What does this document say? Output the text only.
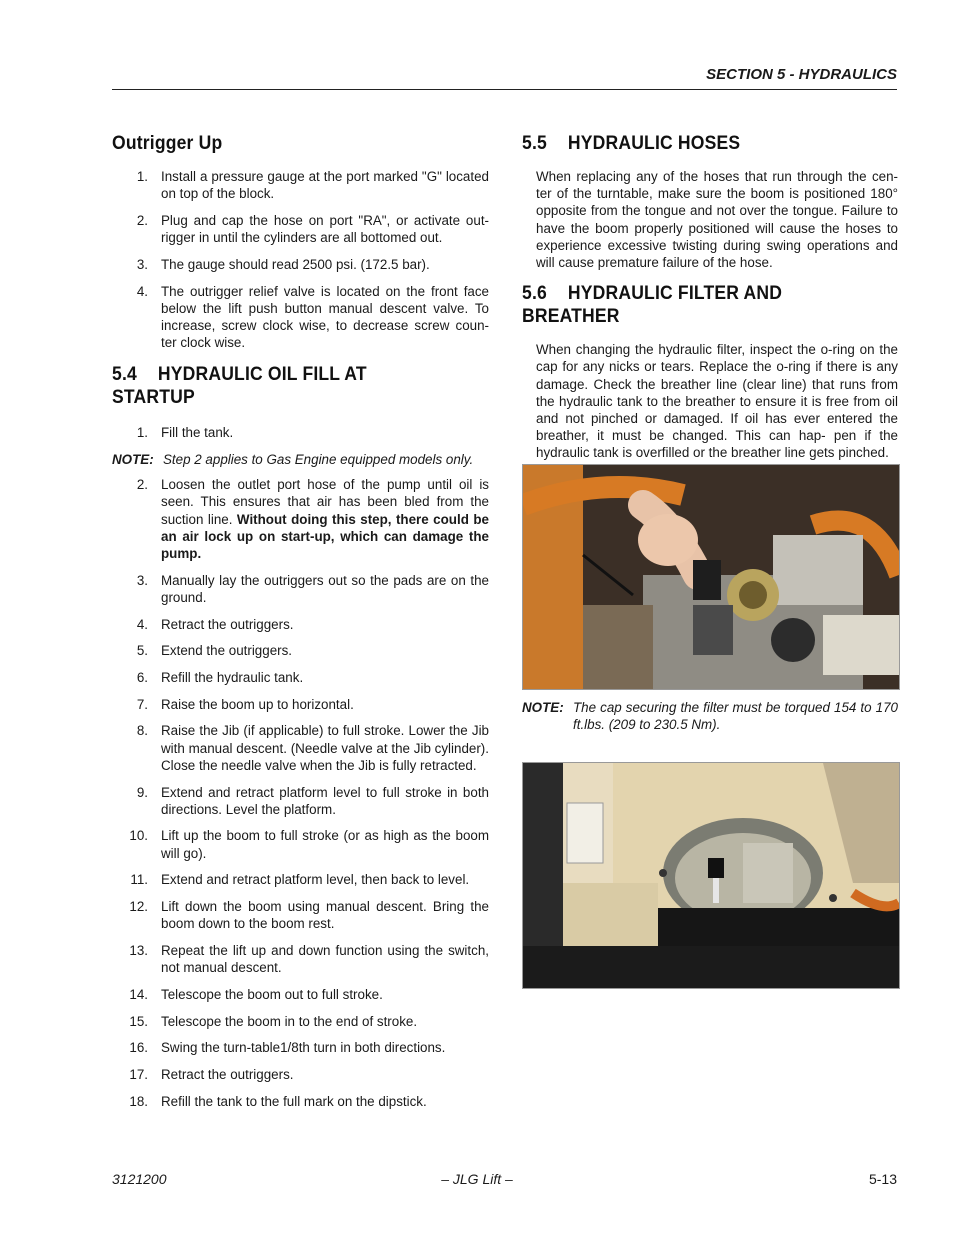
SECTION 5 - HYDRAULICS
Outrigger Up
1. Install a pressure gauge at the port marked "G" located on top of the block.
2. Plug and cap the hose on port "RA", or activate out- rigger in until the cylinders are all bottomed out.
3. The gauge should read 2500 psi. (172.5 bar).
4. The outrigger relief valve is located on the front face below the lift push button manual descent valve. To increase, screw clock wise, to decrease screw coun- ter clock wise.
5.4 HYDRAULIC OIL FILL AT STARTUP
1. Fill the tank.

NOTE: Step 2 applies to Gas Engine equipped models only.

2. Loosen the outlet port hose of the pump until oil is seen. This ensures that air has been bled from the suction line. Without doing this step, there could be an air lock up on start-up, which can damage the pump.
3. Manually lay the outriggers out so the pads are on the ground.
4. Retract the outriggers.
5. Extend the outriggers.
6. Refill the hydraulic tank.
7. Raise the boom up to horizontal.
8. Raise the Jib (if applicable) to full stroke. Lower the Jib with manual descent. (Needle valve at the Jib cylinder). Close the needle valve when the Jib is fully retracted.
9. Extend and retract platform level to full stroke in both directions. Level the platform.
10. Lift up the boom to full stroke (or as high as the boom will go).
11. Extend and retract platform level, then back to level.
12. Lift down the boom using manual descent. Bring the boom down to the boom rest.
13. Repeat the lift up and down function using the switch, not manual descent.
14. Telescope the boom out to full stroke.
15. Telescope the boom in to the end of stroke.
16. Swing the turn-table1/8th turn in both directions.
17. Retract the outriggers.
18. Refill the tank to the full mark on the dipstick.
5.5 HYDRAULIC HOSES

When replacing any of the hoses that run through the cen- ter of the turntable, make sure the boom is positioned 180° opposite from the tongue and not over the tongue. Failure to have the boom properly positioned will cause the hoses to experience excessive twisting during swing operations and will cause premature failure of the hose.

5.6 HYDRAULIC FILTER AND BREATHER

When changing the hydraulic filter, inspect the o-ring on the cap for any nicks or tears. Replace the o-ring if there is any damage. Check the breather line (clear line) that runs from the hydraulic tank to the breather to ensure it is free from oil and not pinched or damaged. If oil has ever entered the breather, it must be changed. This can hap- pen if the hydraulic tank is overfilled or the breather line gets pinched.

NOTE: The cap securing the filter must be torqued 154 to 170 ft.lbs. (209 to 230.5 Nm).

3121200	– JLG Lift –	5-13
